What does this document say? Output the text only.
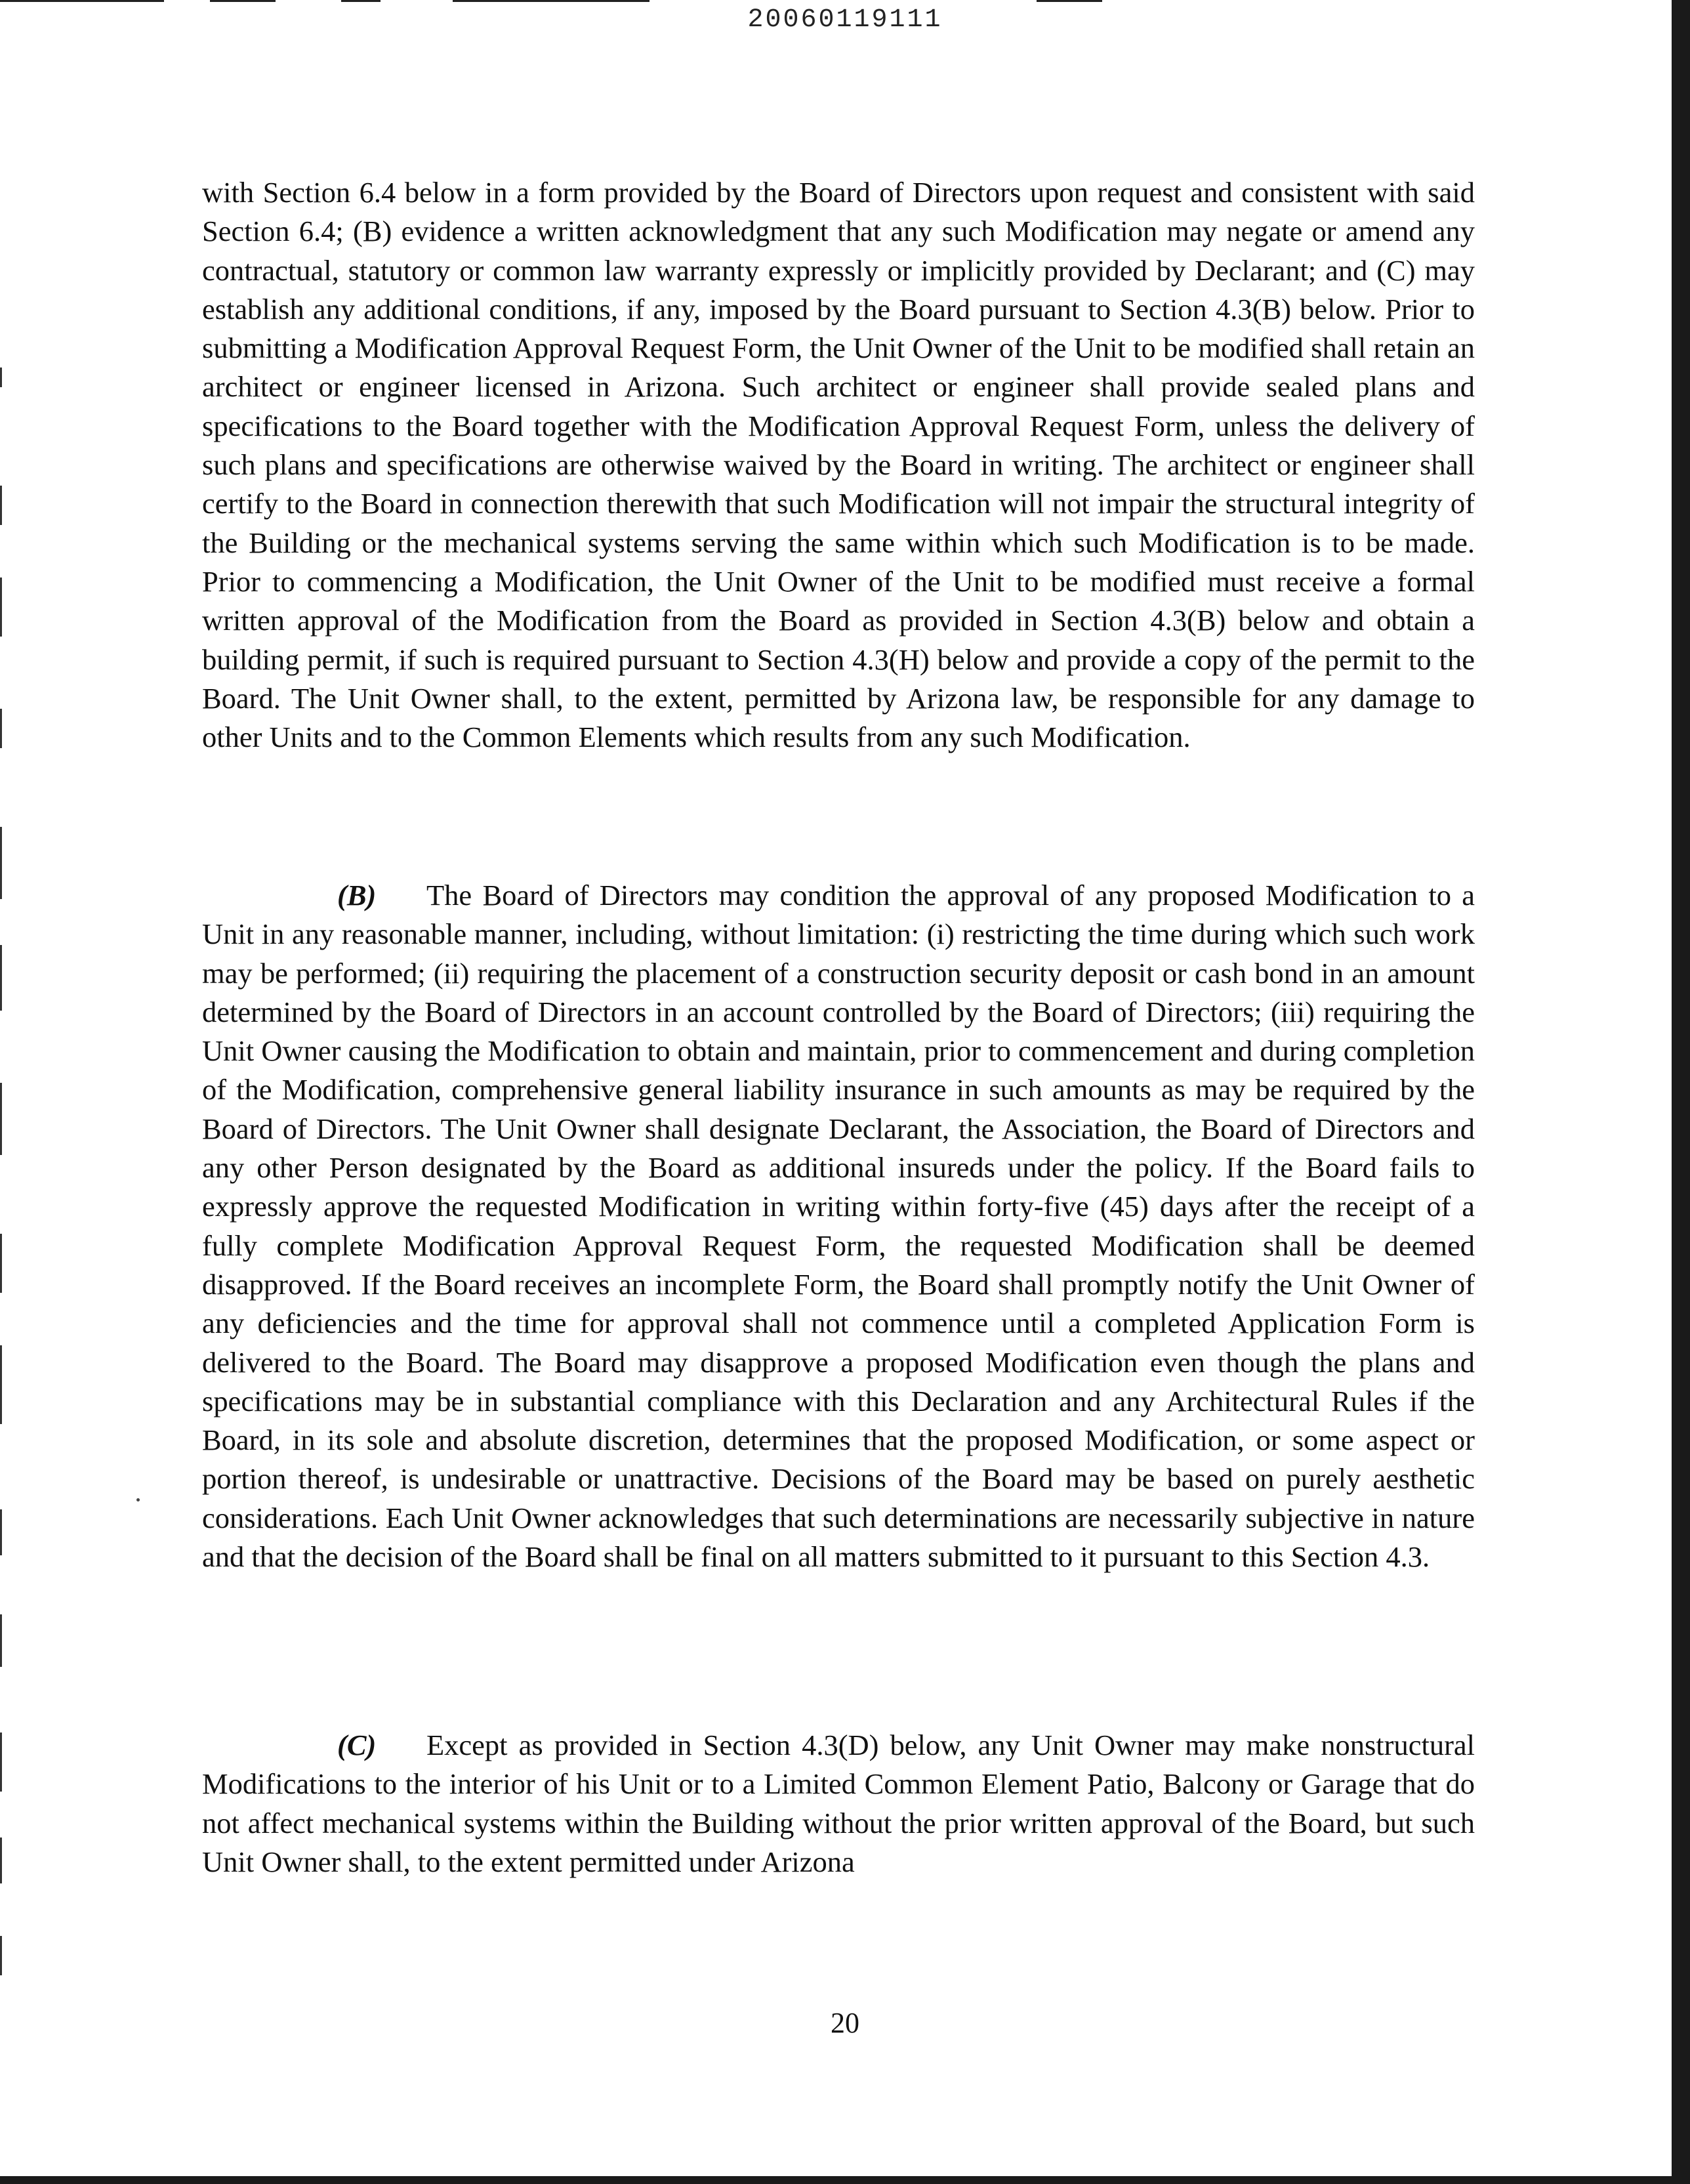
20060119111
with Section 6.4 below in a form provided by the Board of Directors upon request and consistent with said Section 6.4; (B) evidence a written acknowledgment that any such Modification may negate or amend any contractual, statutory or common law warranty expressly or implicitly provided by Declarant; and (C) may establish any additional conditions, if any, imposed by the Board pursuant to Section 4.3(B) below. Prior to submitting a Modification Approval Request Form, the Unit Owner of the Unit to be modified shall retain an architect or engineer licensed in Arizona. Such architect or engineer shall provide sealed plans and specifications to the Board together with the Modification Approval Request Form, unless the delivery of such plans and specifications are otherwise waived by the Board in writing. The architect or engineer shall certify to the Board in connection therewith that such Modification will not impair the structural integrity of the Building or the mechanical systems serving the same within which such Modification is to be made. Prior to commencing a Modification, the Unit Owner of the Unit to be modified must receive a formal written approval of the Modification from the Board as provided in Section 4.3(B) below and obtain a building permit, if such is required pursuant to Section 4.3(H) below and provide a copy of the permit to the Board. The Unit Owner shall, to the extent, permitted by Arizona law, be responsible for any damage to other Units and to the Common Elements which results from any such Modification.
(B) The Board of Directors may condition the approval of any proposed Modification to a Unit in any reasonable manner, including, without limitation: (i) restricting the time during which such work may be performed; (ii) requiring the placement of a construction security deposit or cash bond in an amount determined by the Board of Directors in an account controlled by the Board of Directors; (iii) requiring the Unit Owner causing the Modification to obtain and maintain, prior to commencement and during completion of the Modification, comprehensive general liability insurance in such amounts as may be required by the Board of Directors. The Unit Owner shall designate Declarant, the Association, the Board of Directors and any other Person designated by the Board as additional insureds under the policy. If the Board fails to expressly approve the requested Modification in writing within forty-five (45) days after the receipt of a fully complete Modification Approval Request Form, the requested Modification shall be deemed disapproved. If the Board receives an incomplete Form, the Board shall promptly notify the Unit Owner of any deficiencies and the time for approval shall not commence until a completed Application Form is delivered to the Board. The Board may disapprove a proposed Modification even though the plans and specifications may be in substantial compliance with this Declaration and any Architectural Rules if the Board, in its sole and absolute discretion, determines that the proposed Modification, or some aspect or portion thereof, is undesirable or unattractive. Decisions of the Board may be based on purely aesthetic considerations. Each Unit Owner acknowledges that such determinations are necessarily subjective in nature and that the decision of the Board shall be final on all matters submitted to it pursuant to this Section 4.3.
(C) Except as provided in Section 4.3(D) below, any Unit Owner may make nonstructural Modifications to the interior of his Unit or to a Limited Common Element Patio, Balcony or Garage that do not affect mechanical systems within the Building without the prior written approval of the Board, but such Unit Owner shall, to the extent permitted under Arizona
20
